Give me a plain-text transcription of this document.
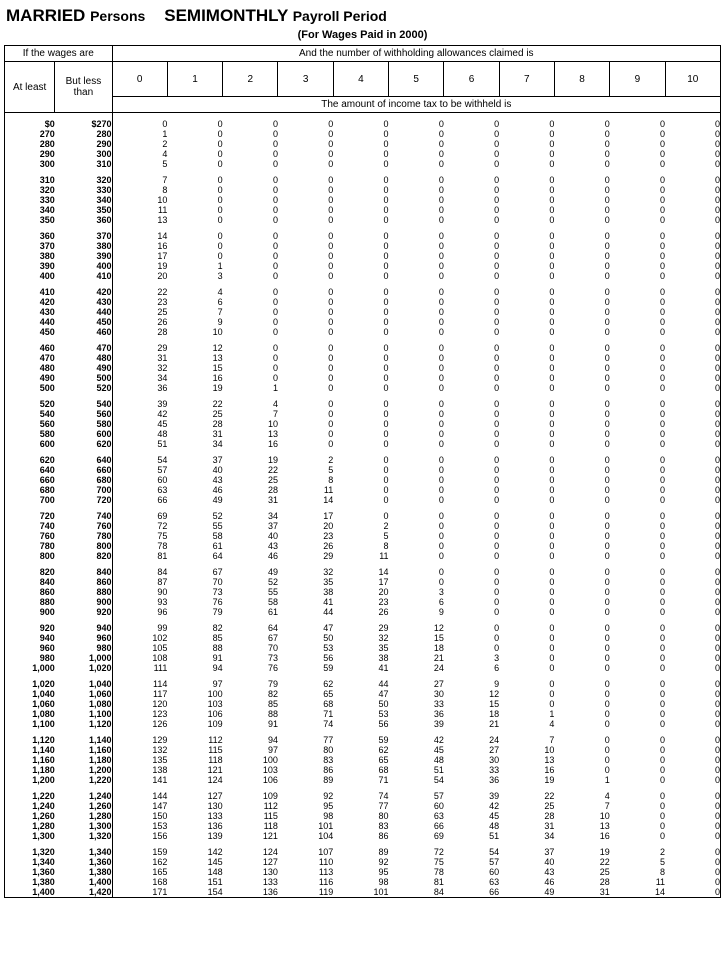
MARRIED Persons SEMIMONTHLY Payroll Period
(For Wages Paid in 2000)
If the wages are		And the number of withholding allowances claimed is										
At least	But less than	0	1	2	3	4	5	6	7	8	9	10
		The amount of income tax to be withheld is										

$0	$270	0	0	0	0	0	0	0	0	0	0	0
270	280	1	0	0	0	0	0	0	0	0	0	0
280	290	2	0	0	0	0	0	0	0	0	0	0
290	300	4	0	0	0	0	0	0	0	0	0	0
300	310	5	0	0	0	0	0	0	0	0	0	0

310	320	7	0	0	0	0	0	0	0	0	0	0
320	330	8	0	0	0	0	0	0	0	0	0	0
330	340	10	0	0	0	0	0	0	0	0	0	0
340	350	11	0	0	0	0	0	0	0	0	0	0
350	360	13	0	0	0	0	0	0	0	0	0	0

360	370	14	0	0	0	0	0	0	0	0	0	0
370	380	16	0	0	0	0	0	0	0	0	0	0
380	390	17	0	0	0	0	0	0	0	0	0	0
390	400	19	1	0	0	0	0	0	0	0	0	0
400	410	20	3	0	0	0	0	0	0	0	0	0

410	420	22	4	0	0	0	0	0	0	0	0	0
420	430	23	6	0	0	0	0	0	0	0	0	0
430	440	25	7	0	0	0	0	0	0	0	0	0
440	450	26	9	0	0	0	0	0	0	0	0	0
450	460	28	10	0	0	0	0	0	0	0	0	0

460	470	29	12	0	0	0	0	0	0	0	0	0
470	480	31	13	0	0	0	0	0	0	0	0	0
480	490	32	15	0	0	0	0	0	0	0	0	0
490	500	34	16	0	0	0	0	0	0	0	0	0
500	520	36	19	1	0	0	0	0	0	0	0	0

520	540	39	22	4	0	0	0	0	0	0	0	0
540	560	42	25	7	0	0	0	0	0	0	0	0
560	580	45	28	10	0	0	0	0	0	0	0	0
580	600	48	31	13	0	0	0	0	0	0	0	0
600	620	51	34	16	0	0	0	0	0	0	0	0

620	640	54	37	19	2	0	0	0	0	0	0	0
640	660	57	40	22	5	0	0	0	0	0	0	0
660	680	60	43	25	8	0	0	0	0	0	0	0
680	700	63	46	28	11	0	0	0	0	0	0	0
700	720	66	49	31	14	0	0	0	0	0	0	0

720	740	69	52	34	17	0	0	0	0	0	0	0
740	760	72	55	37	20	2	0	0	0	0	0	0
760	780	75	58	40	23	5	0	0	0	0	0	0
780	800	78	61	43	26	8	0	0	0	0	0	0
800	820	81	64	46	29	11	0	0	0	0	0	0

820	840	84	67	49	32	14	0	0	0	0	0	0
840	860	87	70	52	35	17	0	0	0	0	0	0
860	880	90	73	55	38	20	3	0	0	0	0	0
880	900	93	76	58	41	23	6	0	0	0	0	0
900	920	96	79	61	44	26	9	0	0	0	0	0

920	940	99	82	64	47	29	12	0	0	0	0	0
940	960	102	85	67	50	32	15	0	0	0	0	0
960	980	105	88	70	53	35	18	0	0	0	0	0
980	1,000	108	91	73	56	38	21	3	0	0	0	0
1,000	1,020	111	94	76	59	41	24	6	0	0	0	0

1,020	1,040	114	97	79	62	44	27	9	0	0	0	0
1,040	1,060	117	100	82	65	47	30	12	0	0	0	0
1,060	1,080	120	103	85	68	50	33	15	0	0	0	0
1,080	1,100	123	106	88	71	53	36	18	1	0	0	0
1,100	1,120	126	109	91	74	56	39	21	4	0	0	0

1,120	1,140	129	112	94	77	59	42	24	7	0	0	0
1,140	1,160	132	115	97	80	62	45	27	10	0	0	0
1,160	1,180	135	118	100	83	65	48	30	13	0	0	0
1,180	1,200	138	121	103	86	68	51	33	16	0	0	0
1,200	1,220	141	124	106	89	71	54	36	19	1	0	0

1,220	1,240	144	127	109	92	74	57	39	22	4	0	0
1,240	1,260	147	130	112	95	77	60	42	25	7	0	0
1,260	1,280	150	133	115	98	80	63	45	28	10	0	0
1,280	1,300	153	136	118	101	83	66	48	31	13	0	0
1,300	1,320	156	139	121	104	86	69	51	34	16	0	0

1,320	1,340	159	142	124	107	89	72	54	37	19	2	0
1,340	1,360	162	145	127	110	92	75	57	40	22	5	0
1,360	1,380	165	148	130	113	95	78	60	43	25	8	0
1,380	1,400	168	151	133	116	98	81	63	46	28	11	0
1,400	1,420	171	154	136	119	101	84	66	49	31	14	0
